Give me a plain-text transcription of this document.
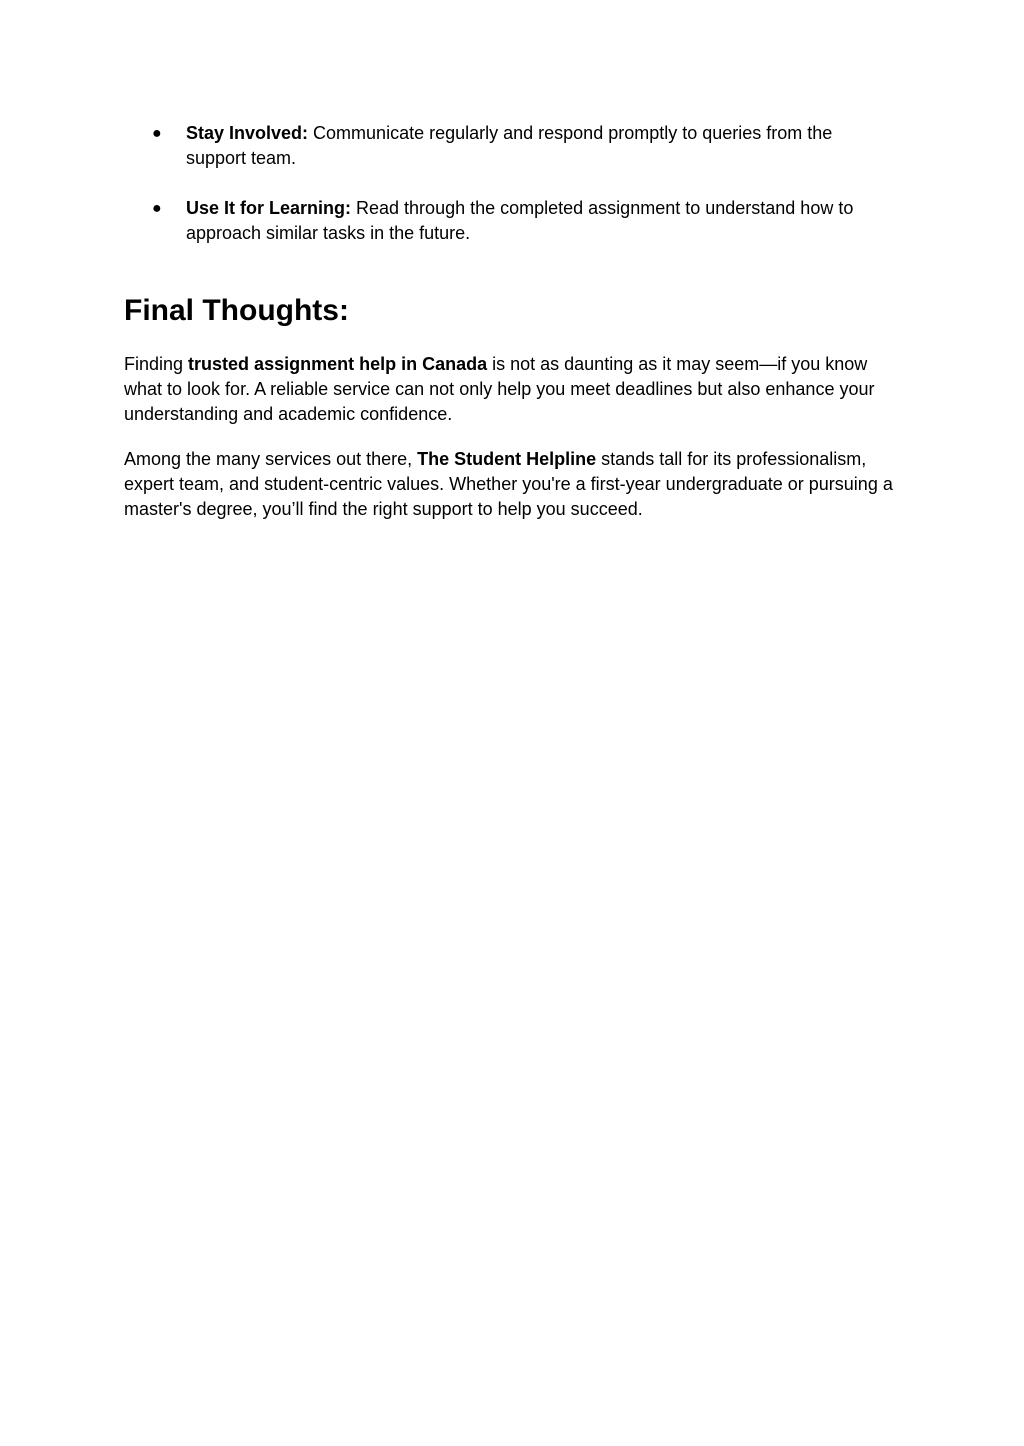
● Stay Involved: Communicate regularly and respond promptly to queries from the support team.
● Use It for Learning: Read through the completed assignment to understand how to approach similar tasks in the future.
Final Thoughts:

Finding trusted assignment help in Canada is not as daunting as it may seem—if you know what to look for. A reliable service can not only help you meet deadlines but also enhance your understanding and academic confidence.

Among the many services out there, The Student Helpline stands tall for its professionalism, expert team, and student-centric values. Whether you're a first-year undergraduate or pursuing a master's degree, you’ll find the right support to help you succeed.
